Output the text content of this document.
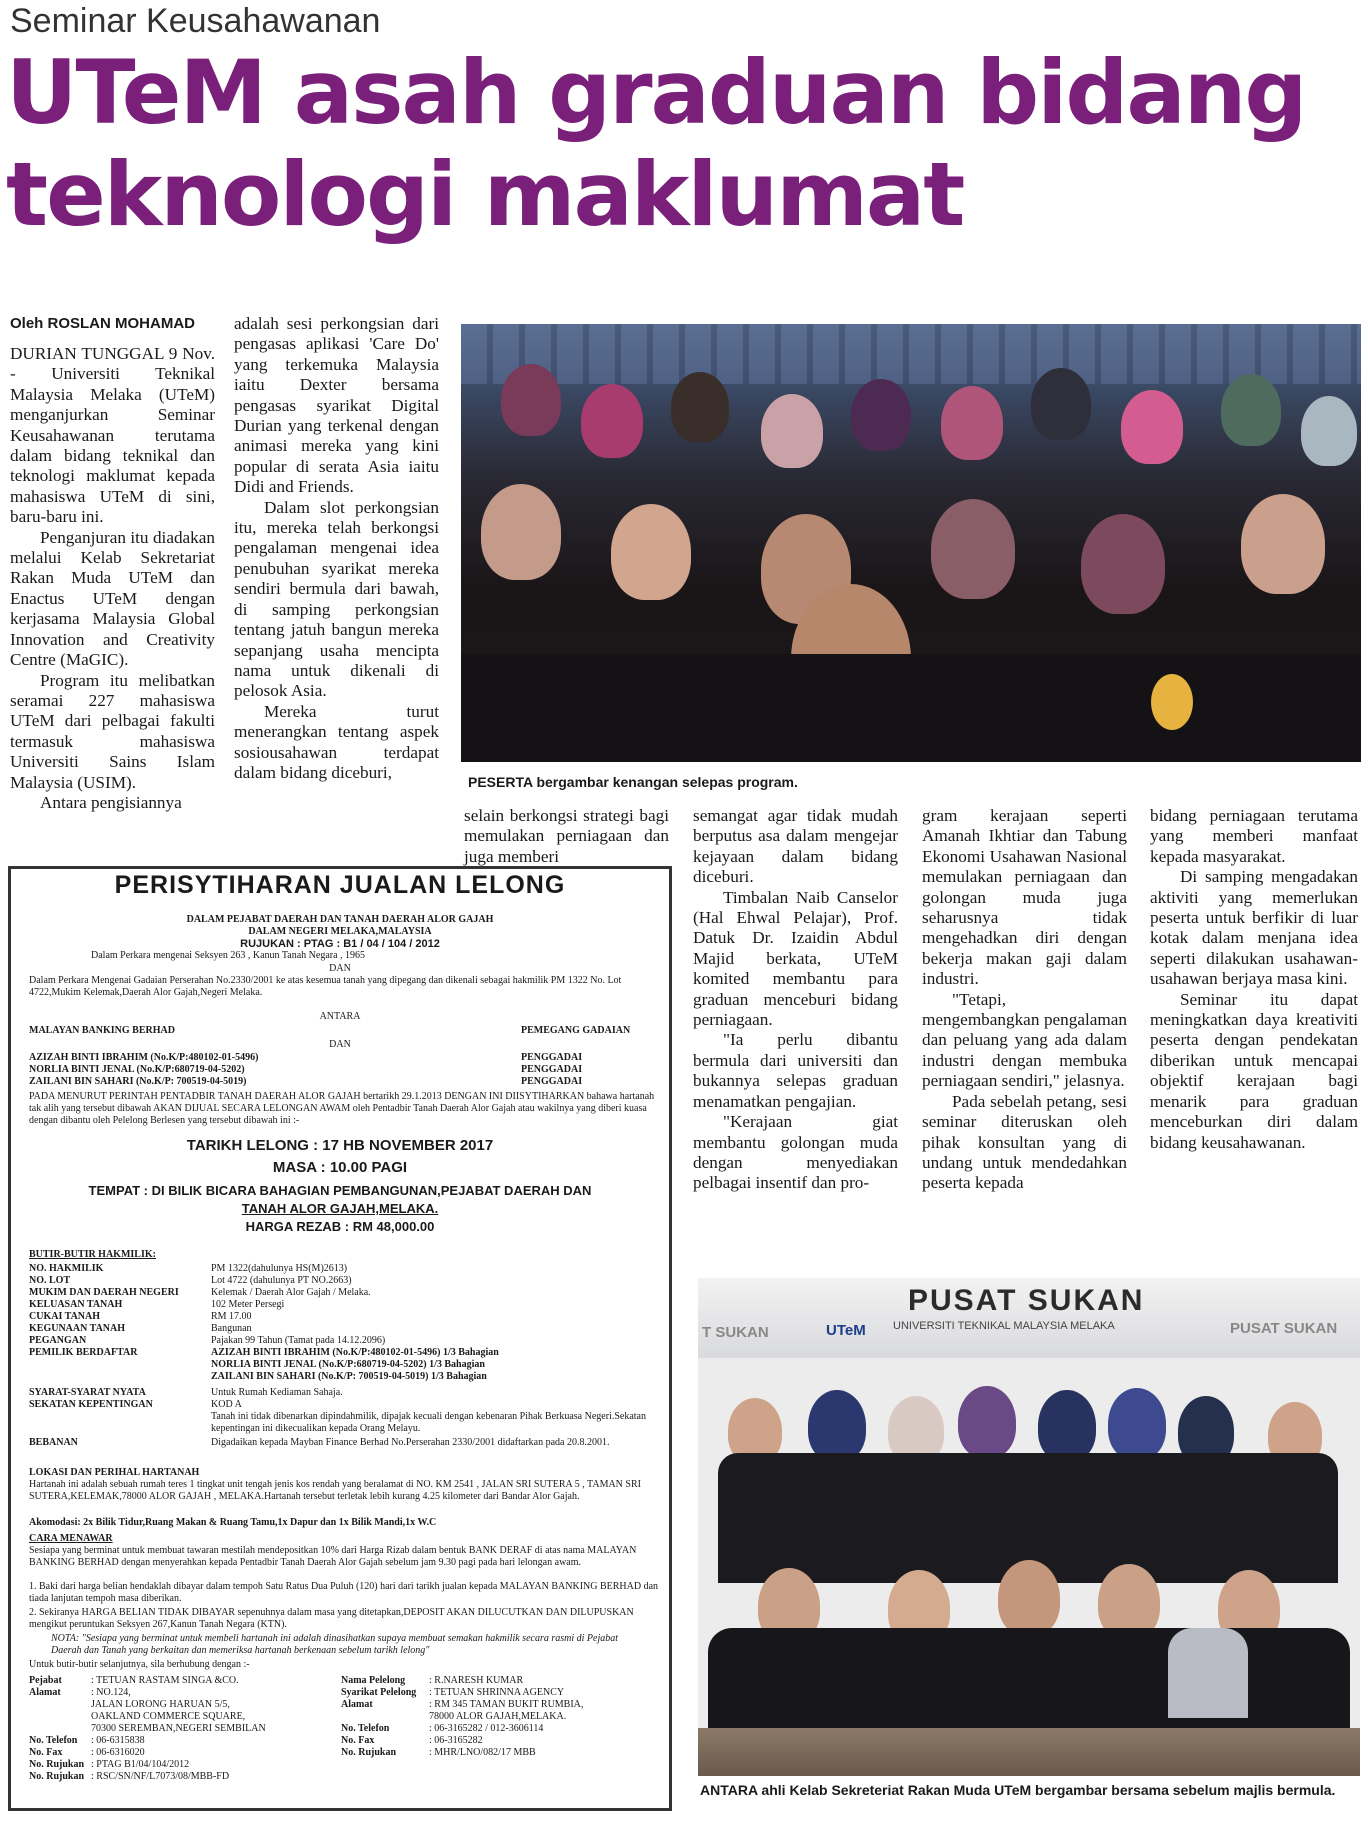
Seminar Keusahawanan
UTeM asah graduan bidang
teknologi maklumat
Oleh ROSLAN MOHAMAD

DURIAN TUNGGAL 9 Nov. - Universiti Teknikal Malaysia Melaka (UTeM) menganjurkan Seminar Keusahawanan terutama dalam bidang teknikal dan teknologi maklumat kepada mahasiswa UTeM di sini, baru-baru ini.

Penganjuran itu diadakan melalui Kelab Sekretariat Rakan Muda UTeM dan Enactus UTeM dengan kerjasama Malaysia Global Innovation and Creativity Centre (MaGIC).

Program itu melibatkan seramai 227 mahasiswa UTeM dari pelbagai fakulti termasuk mahasiswa Universiti Sains Islam Malaysia (USIM).

Antara pengisiannya

adalah sesi perkongsian dari pengasas aplikasi 'Care Do' yang terkemuka Malaysia iaitu Dexter bersama pengasas syarikat Digital Durian yang terkenal dengan animasi mereka yang kini popular di serata Asia iaitu Didi and Friends.

Dalam slot perkongsian itu, mereka telah berkongsi pengalaman mengenai idea penubuhan syarikat mereka sendiri bermula dari bawah, di samping perkongsian tentang jatuh bangun mereka sepanjang usaha mencipta nama untuk dikenali di pelosok Asia.

Mereka turut menerangkan tentang aspek sosiousahawan terdapat dalam bidang diceburi,

PESERTA bergambar kenangan selepas program.

selain berkongsi strategi bagi memulakan perniagaan dan juga memberi

semangat agar tidak mudah berputus asa dalam mengejar kejayaan dalam bidang diceburi.

Timbalan Naib Canselor (Hal Ehwal Pelajar), Prof. Datuk Dr. Izaidin Abdul Majid berkata, UTeM komited membantu para graduan menceburi bidang perniagaan.

"Ia perlu dibantu bermula dari universiti dan bukannya selepas graduan menamatkan pengajian.

"Kerajaan giat membantu golongan muda dengan menyediakan pelbagai insentif dan pro-

gram kerajaan seperti Amanah Ikhtiar dan Tabung Ekonomi Usahawan Nasional memulakan perniagaan dan golongan muda juga seharusnya tidak mengehadkan diri dengan bekerja makan gaji dalam industri.

"Tetapi, mengembangkan pengalaman dan peluang yang ada dalam industri dengan membuka perniagaan sendiri," jelasnya.

Pada sebelah petang, sesi seminar diteruskan oleh pihak konsultan yang di undang untuk mendedahkan peserta kepada

bidang perniagaan terutama yang memberi manfaat kepada masyarakat.

Di samping mengadakan aktiviti yang memerlukan peserta untuk berfikir di luar kotak dalam menjana idea seperti dilakukan usahawan-usahawan berjaya masa kini.

Seminar itu dapat meningkatkan daya kreativiti peserta dengan pendekatan diberikan untuk mencapai objektif kerajaan bagi menarik para graduan menceburkan diri dalam bidang keusahawanan.

PUSAT SUKAN
UNIVERSITI TEKNIKAL MALAYSIA MELAKA
T SUKAN	UTeM	PUSAT SUKAN
ANTARA ahli Kelab Sekreteriat Rakan Muda UTeM bergambar bersama sebelum majlis bermula.
PERISYTIHARAN JUALAN LELONG
DALAM PEJABAT DAERAH DAN TANAH DAERAH ALOR GAJAH
DALAM NEGERI MELAKA,MALAYSIA
RUJUKAN : PTAG : B1 / 04 / 104 / 2012
Dalam Perkara mengenai Seksyen 263 , Kanun Tanah Negara , 1965
DAN
Dalam Perkara Mengenai Gadaian Perserahan No.2330/2001 ke atas kesemua tanah yang dipegang dan dikenali sebagai hakmilik PM 1322 No. Lot 4722,Mukim Kelemak,Daerah Alor Gajah,Negeri Melaka.
ANTARA
MALAYAN BANKING BERHAD	PEMEGANG GADAIAN
DAN
AZIZAH BINTI IBRAHIM (No.K/P:480102-01-5496)	PENGGADAI
NORLIA BINTI JENAL (No.K/P:680719-04-5202)	PENGGADAI
ZAILANI BIN SAHARI (No.K/P: 700519-04-5019)	PENGGADAI
PADA MENURUT PERINTAH PENTADBIR TANAH DAERAH ALOR GAJAH bertarikh 29.1.2013 DENGAN INI DIISYTIHARKAN bahawa hartanah tak alih yang tersebut dibawah AKAN DIJUAL SECARA LELONGAN AWAM oleh Pentadbir Tanah Daerah Alor Gajah atau wakilnya yang diberi kuasa dengan dibantu oleh Pelelong Berlesen yang tersebut dibawah ini :-
TARIKH LELONG : 17 HB NOVEMBER 2017
MASA : 10.00 PAGI
TEMPAT : DI BILIK BICARA BAHAGIAN PEMBANGUNAN,PEJABAT DAERAH DAN
TANAH ALOR GAJAH,MELAKA.
HARGA REZAB : RM 48,000.00
BUTIR-BUTIR HAKMILIK:
NO. HAKMILIK	PM 1322(dahulunya HS(M)2613)
NO. LOT	Lot 4722 (dahulunya PT NO.2663)
MUKIM DAN DAERAH NEGERI	Kelemak / Daerah Alor Gajah / Melaka.
KELUASAN TANAH	102 Meter Persegi
CUKAI TANAH	RM 17.00
KEGUNAAN TANAH	Bangunan
PEGANGAN	Pajakan 99 Tahun (Tamat pada 14.12.2096)
PEMILIK BERDAFTAR	AZIZAH BINTI IBRAHIM (No.K/P:480102-01-5496) 1/3 Bahagian
NORLIA BINTI JENAL (No.K/P:680719-04-5202) 1/3 Bahagian
ZAILANI BIN SAHARI (No.K/P: 700519-04-5019) 1/3 Bahagian
SYARAT-SYARAT NYATA	Untuk Rumah Kediaman Sahaja.
SEKATAN KEPENTINGAN	KOD A
Tanah ini tidak dibenarkan dipindahmilik, dipajak kecuali dengan kebenaran Pihak Berkuasa Negeri.Sekatan kepentingan ini dikecualikan kepada Orang Melayu.
BEBANAN	Digadaikan kepada Mayban Finance Berhad No.Perserahan 2330/2001 didaftarkan pada 20.8.2001.
LOKASI DAN PERIHAL HARTANAH
Hartanah ini adalah sebuah rumah teres 1 tingkat unit tengah jenis kos rendah yang beralamat di NO. KM 2541 , JALAN SRI SUTERA 5 , TAMAN SRI SUTERA,KELEMAK,78000 ALOR GAJAH , MELAKA.Hartanah tersebut terletak lebih kurang 4.25 kilometer dari Bandar Alor Gajah.
Akomodasi: 2x Bilik Tidur,Ruang Makan & Ruang Tamu,1x Dapur dan 1x Bilik Mandi,1x W.C
CARA MENAWAR
Sesiapa yang berminat untuk membuat tawaran mestilah mendepositkan 10% dari Harga Rizab dalam bentuk BANK DERAF di atas nama MALAYAN BANKING BERHAD dengan menyerahkan kepada Pentadbir Tanah Daerah Alor Gajah sebelum jam 9.30 pagi pada hari lelongan awam.
1. Baki dari harga belian hendaklah dibayar dalam tempoh Satu Ratus Dua Puluh (120) hari dari tarikh jualan kepada MALAYAN BANKING BERHAD dan tiada lanjutan tempoh masa diberikan.
2. Sekiranya HARGA BELIAN TIDAK DIBAYAR sepenuhnya dalam masa yang ditetapkan,DEPOSIT AKAN DILUCUTKAN DAN DILUPUSKAN mengikut peruntukan Seksyen 267,Kanun Tanah Negara (KTN).
NOTA: "Sesiapa yang berminat untuk membeli hartanah ini adalah dinasihatkan supaya membuat semakan hakmilik secara rasmi di Pejabat Daerah dan Tanah yang berkaitan dan memeriksa hartanah berkenaan sebelum tarikh lelong"
Untuk butir-butir selanjutnya, sila berhubung dengan :-
Pejabat	: TETUAN RASTAM SINGA &CO.
Alamat	: NO.124,
JALAN LORONG HARUAN 5/5,
OAKLAND COMMERCE SQUARE,
70300 SEREMBAN,NEGERI SEMBILAN
No. Telefon	: 06-6315838
No. Fax	: 06-6316020
No. Rujukan : PTAG B1/04/104/2012
No. Rujukan : RSC/SN/NF/L7073/08/MBB-FD
Nama Pelelong	: R.NARESH KUMAR
Syarikat Pelelong	: TETUAN SHRINNA AGENCY
Alamat	: RM 345 TAMAN BUKIT RUMBIA,
78000 ALOR GAJAH,MELAKA.
No. Telefon	: 06-3165282 / 012-3606114
No. Fax	: 06-3165282
No. Rujukan	: MHR/LNO/082/17 MBB
